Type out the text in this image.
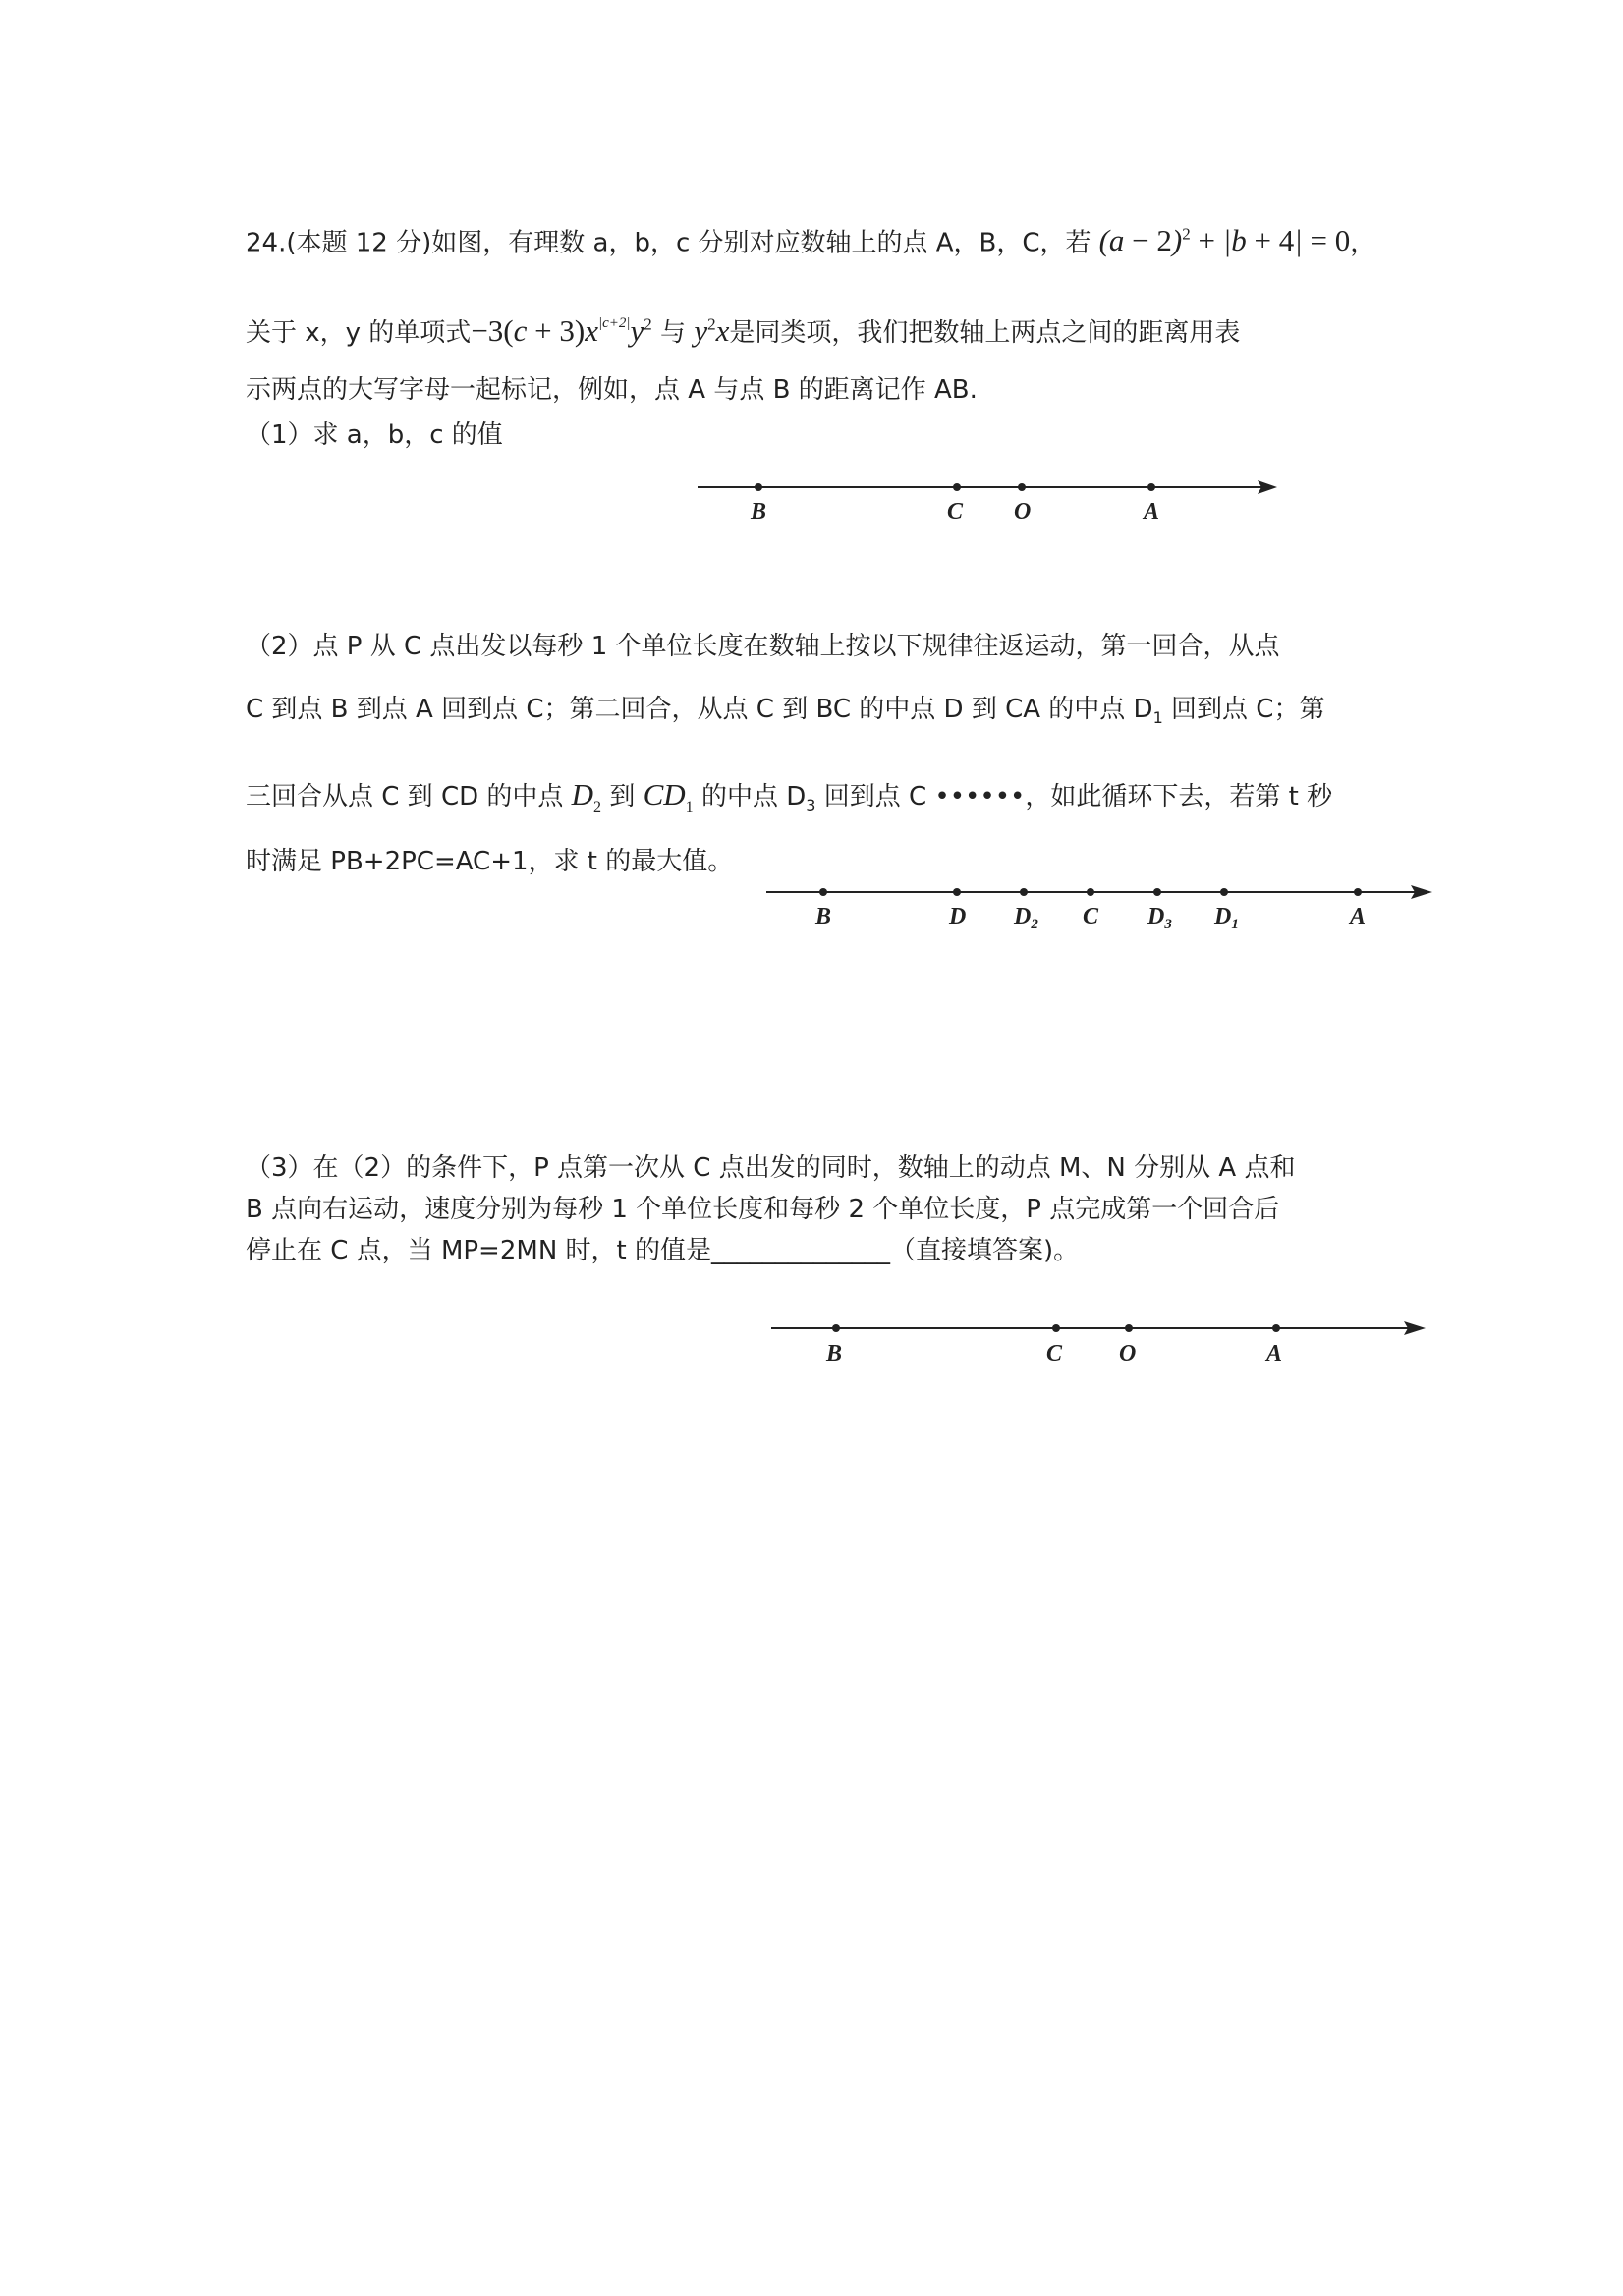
24.(本题 12 分)如图，有理数 a，b，c 分别对应数轴上的点 A，B，C，若 $(a - 2)^2 + |b + 4| = 0$，
关于 x，y 的单项式$-3(c + 3)x^{|c+2|}y^2$ 与 $y^2x$是同类项，我们把数轴上两点之间的距离用表
示两点的大写字母一起标记，例如，点 A 与点 B 的距离记作 AB.
（1）求 a，b，c 的值
B	C O	A
（2）点 P 从 C 点出发以每秒 1 个单位长度在数轴上按以下规律往返运动，第一回合，从点
C 到点 B 到点 A 回到点 C；第二回合，从点 C 到 BC 的中点 D 到 CA 的中点 $D_1$ 回到点 C；第
三回合从点 C 到 CD 的中点 $D_2$ 到 $CD_1$ 的中点 $D_3$ 回到点 C ••••••，如此循环下去，若第 t 秒
时满足 PB+2PC=AC+1，求 t 的最大值。
B	D $D_2$ C $D_3$ $D_1$	A
（3）在（2）的条件下，P 点第一次从 C 点出发的同时，数轴上的动点 M、N 分别从 A 点和
B 点向右运动，速度分别为每秒 1 个单位长度和每秒 2 个单位长度，P 点完成第一个回合后
停止在 C 点，当 MP=2MN 时，t 的值是______________（直接填答案)。
B	C O	A
